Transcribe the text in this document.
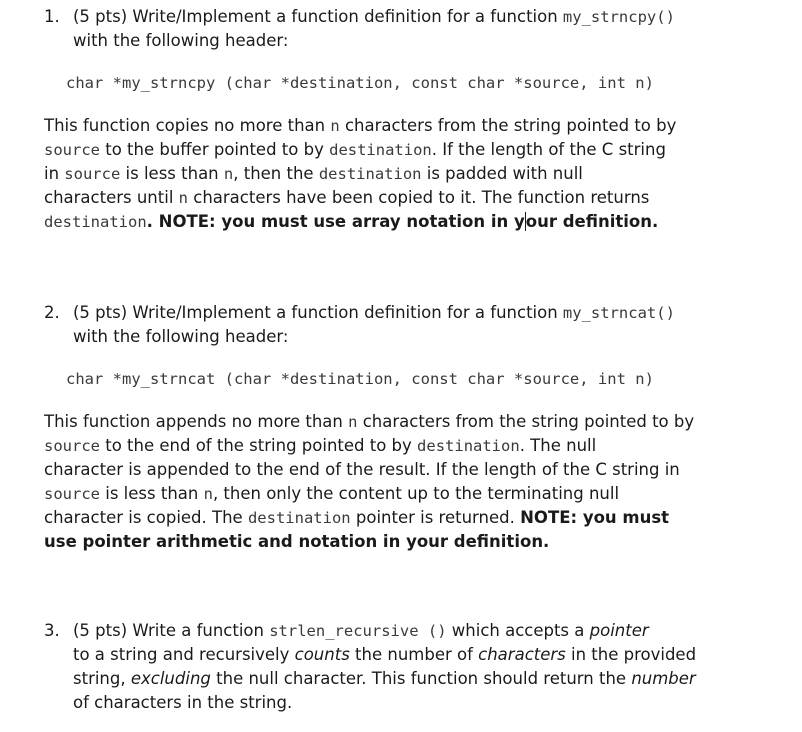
1. (5 pts) Write/Implement a function definition for a function my_strncpy()
with the following header:
char *my_strncpy (char *destination, const char *source, int n)
This function copies no more than n characters from the string pointed to by
source to the buffer pointed to by destination. If the length of the C string
in source is less than n, then the destination is padded with null
characters until n characters have been copied to it. The function returns
destination. NOTE: you must use array notation in your definition.
2. (5 pts) Write/Implement a function definition for a function my_strncat()
with the following header:
char *my_strncat (char *destination, const char *source, int n)
This function appends no more than n characters from the string pointed to by
source to the end of the string pointed to by destination. The null
character is appended to the end of the result. If the length of the C string in
source is less than n, then only the content up to the terminating null
character is copied. The destination pointer is returned. NOTE: you must
use pointer arithmetic and notation in your definition.
3. (5 pts) Write a function strlen_recursive () which accepts a pointer
to a string and recursively counts the number of characters in the provided
string, excluding the null character. This function should return the number
of characters in the string.
